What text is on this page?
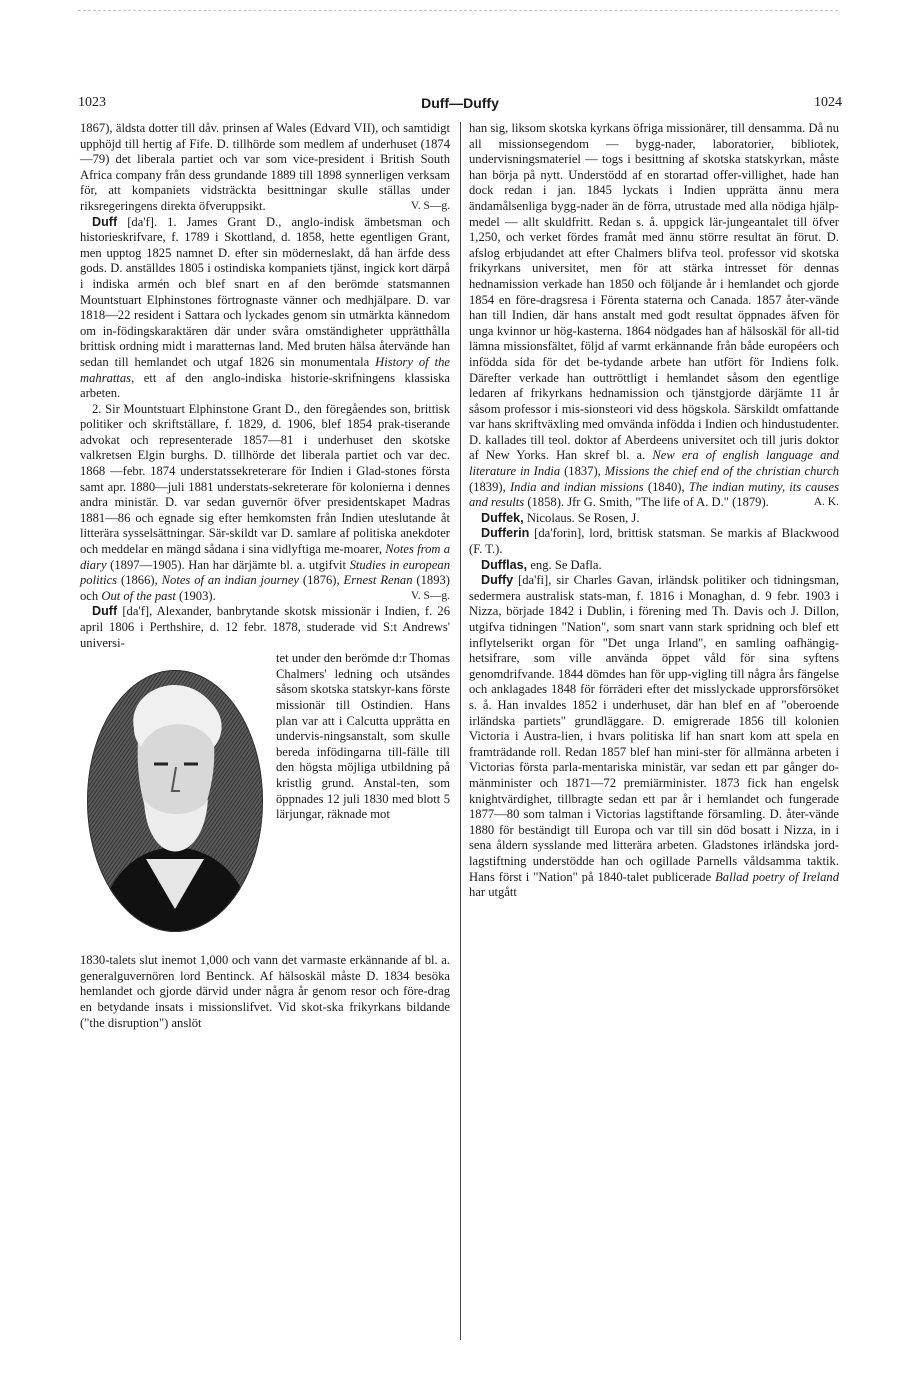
1023	Duff—Duffy	1024

1867), äldsta dotter till dåv. prinsen af Wales (Edvard VII), och samtidigt upphöjd till hertig af Fife. D. tillhörde som medlem af underhuset (1874—79) det liberala partiet och var som vice-president i British South Africa company från dess grundande 1889 till 1898 synnerligen verksam för, att kompaniets vidsträckta besittningar skulle ställas under riksregeringens direkta öfveruppsikt.	V. S—g.

Duff [da'f]. 1. James Grant D., anglo-indisk ämbetsman och historieskrifvare, f. 1789 i Skottland, d. 1858, hette egentligen Grant, men upptog 1825 namnet D. efter sin möderneslakt, då han ärfde dess gods. D. anställdes 1805 i ostindiska kompaniets tjänst, ingick kort därpå i indiska armén och blef snart en af den berömde statsmannen Mountstuart Elphinstones förtrognaste vänner och medhjälpare. D. var 1818—22 resident i Sattara och lyckades genom sin utmärkta kännedom om in-födingskaraktären där under svåra omständigheter upprätthålla brittisk ordning midt i maratternas land. Med bruten hälsa återvände han sedan till hemlandet och utgaf 1826 sin monumentala History of the mahrattas, ett af den anglo-indiska historie-skrifningens klassiska arbeten.

2. Sir Mountstuart Elphinstone Grant D., den föregåendes son, brittisk politiker och skriftställare, f. 1829, d. 1906, blef 1854 prak-tiserande advokat och representerade 1857—81 i underhuset den skotske valkretsen Elgin burghs. D. tillhörde det liberala partiet och var dec. 1868 —febr. 1874 understatssekreterare för Indien i Glad-stones första samt apr. 1880—juli 1881 understats-sekreterare för kolonierna i dennes andra ministär. D. var sedan guvernör öfver presidentskapet Madras 1881—86 och egnade sig efter hemkomsten från Indien uteslutande åt litterära sysselsättningar. Sär-skildt var D. samlare af politiska anekdoter och meddelar en mängd sådana i sina vidlyftiga me-moarer, Notes from a diary (1897—1905). Han har därjämte bl. a. utgifvit Studies in european politics (1866), Notes of an indian journey (1876), Ernest Renan (1893) och Out of the past (1903).	V. S—g.

Duff [da'f], Alexander, banbrytande skotsk missionär i Indien, f. 26 april 1806 i Perthshire, d. 12 febr. 1878, studerade vid S:t Andrews' universi-

tet under den berömde d:r Thomas Chalmers' ledning och utsändes såsom skotska statskyr-kans förste missionär till Ostindien. Hans plan var att i Calcutta upprätta en undervis-ningsanstalt, som skulle bereda infödingarna till-fälle till den högsta möjliga utbildning på kristlig grund. Anstal-ten, som öppnades 12 juli 1830 med blott 5 lärjungar, räknade mot

1830-talets slut inemot 1,000 och vann det varmaste erkännande af bl. a. generalguvernören lord Bentinck. Af hälsoskäl måste D. 1834 besöka hemlandet och gjorde därvid under några år genom resor och före-drag en betydande insats i missionslifvet. Vid skot-ska frikyrkans bildande ("the disruption") anslöt

han sig, liksom skotska kyrkans öfriga missionärer, till densamma. Då nu all missionsegendom — bygg-nader, laboratorier, bibliotek, undervisningsmateriel — togs i besittning af skotska statskyrkan, måste han börja på nytt. Understödd af en storartad offer-villighet, hade han dock redan i jan. 1845 lyckats i Indien upprätta ännu mera ändamålsenliga bygg-nader än de förra, utrustade med alla nödiga hjälp-medel — allt skuldfritt. Redan s. å. uppgick lär-jungeantalet till öfver 1,250, och verket fördes framåt med ännu större resultat än förut. D. afslog erbjudandet att efter Chalmers blifva teol. professor vid skotska frikyrkans universitet, men för att stärka intresset för dennas hednamission verkade han 1850 och följande år i hemlandet och gjorde 1854 en före-dragsresa i Förenta staterna och Canada. 1857 åter-vände han till Indien, där hans anstalt med godt resultat öppnades äfven för unga kvinnor ur hög-kasterna. 1864 nödgades han af hälsoskäl för all-tid lämna missionsfältet, följd af varmt erkännande från både européers och infödda sida för det be-tydande arbete han utfört för Indiens folk. Därefter verkade han outtröttligt i hemlandet såsom den egentlige ledaren af frikyrkans hednamission och tjänstgjorde därjämte 11 år såsom professor i mis-sionsteori vid dess högskola. Särskildt omfattande var hans skriftväxling med omvända infödda i Indien och hindustudenter. D. kallades till teol. doktor af Aberdeens universitet och till juris doktor af New Yorks. Han skref bl. a. New era of english language and literature in India (1837), Missions the chief end of the christian church (1839), India and indian missions (1840), The indian mutiny, its causes and results (1858). Jfr G. Smith, "The life of A. D." (1879).	A. K.

Duffek, Nicolaus. Se Rosen, J.

Dufferin [da'forin], lord, brittisk statsman. Se markis af Blackwood (F. T.).

Dufflas, eng. Se Dafla.

Duffy [da'fi], sir Charles Gavan, irländsk politiker och tidningsman, sedermera australisk stats-man, f. 1816 i Monaghan, d. 9 febr. 1903 i Nizza, började 1842 i Dublin, i förening med Th. Davis och J. Dillon, utgifva tidningen "Nation", som snart vann stark spridning och blef ett inflytelserikt organ för "Det unga Irland", en samling oafhängig-hetsifrare, som ville använda öppet våld för sina syftens genomdrifvande. 1844 dömdes han för upp-vigling till några års fängelse och anklagades 1848 för förräderi efter det misslyckade upprorsförsöket s. å. Han invaldes 1852 i underhuset, där han blef en af "oberoende irländska partiets" grundläggare. D. emigrerade 1856 till kolonien Victoria i Austra-lien, i hvars politiska lif han snart kom att spela en framträdande roll. Redan 1857 blef han mini-ster för allmänna arbeten i Victorias första parla-mentariska ministär, var sedan ett par gånger do-mänminister och 1871—72 premiärminister. 1873 fick han engelsk knightvärdighet, tillbragte sedan ett par år i hemlandet och fungerade 1877—80 som talman i Victorias lagstiftande församling. D. åter-vände 1880 för beständigt till Europa och var till sin död bosatt i Nizza, in i sena åldern sysslande med litterära arbeten. Gladstones irländska jord-lagstiftning understödde han och ogillade Parnells våldsamma taktik. Hans först i "Nation" på 1840-talet publicerade Ballad poetry of Ireland har utgått
